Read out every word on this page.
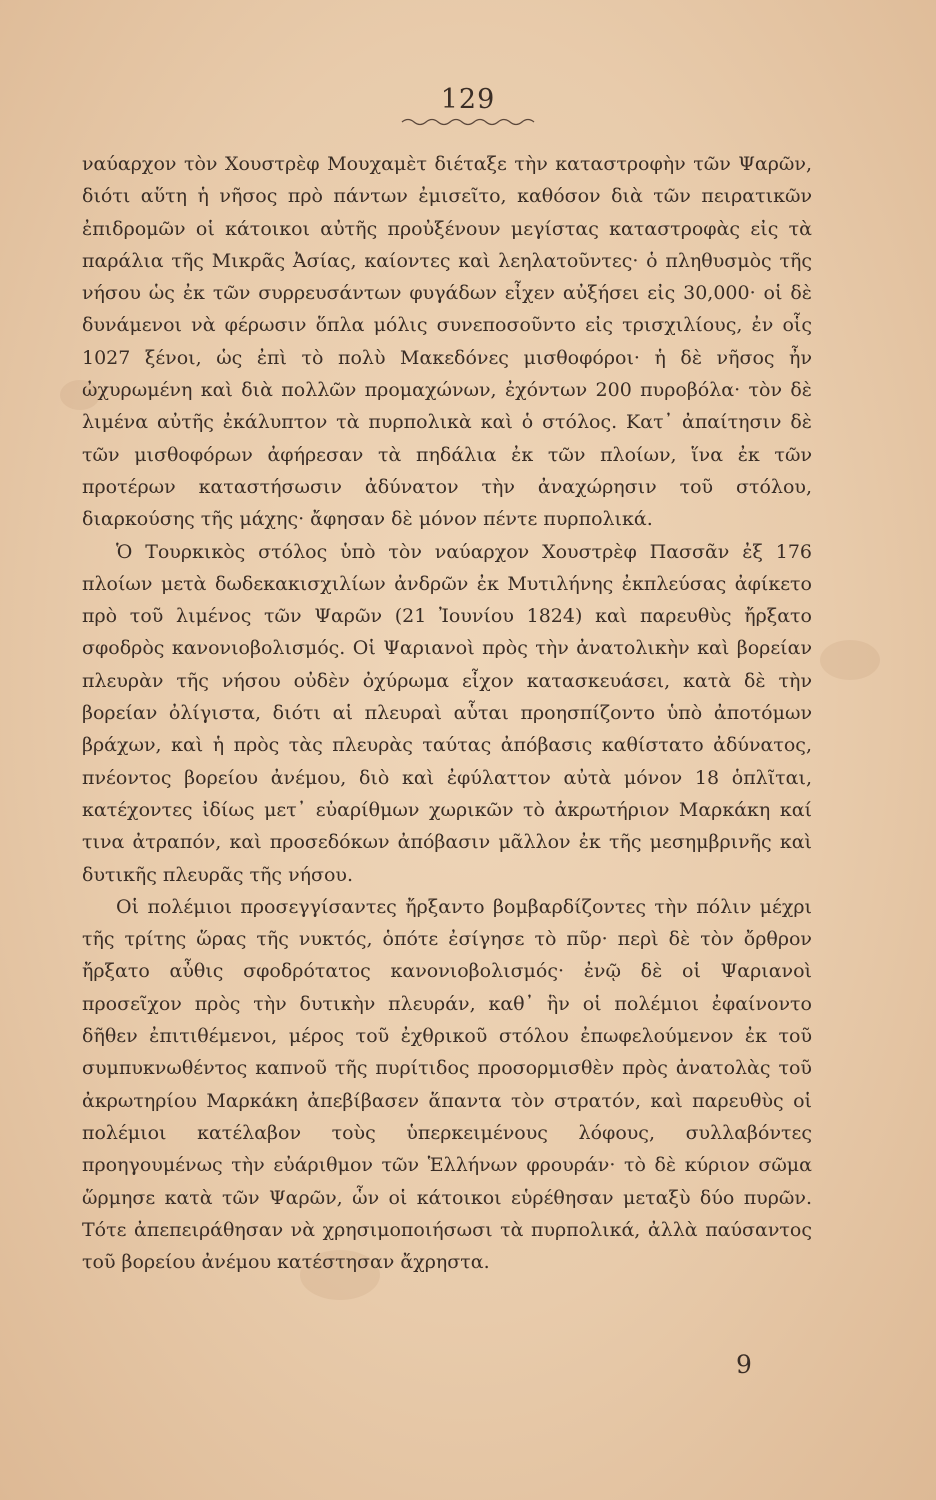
129

ναύαρχον τὸν Χουστρὲφ Μουχαμὲτ διέταξε τὴν καταστροφὴν τῶν Ψαρῶν, διότι αὕτη ἡ νῆσος πρὸ πάντων ἐμισεῖτο, καθόσον διὰ τῶν πειρατικῶν ἐπιδρομῶν οἱ κάτοικοι αὐτῆς προὐξένουν μεγίστας καταστροφὰς εἰς τὰ παράλια τῆς Μικρᾶς Ἀσίας, καίοντες καὶ λεηλατοῦντες· ὁ πληθυσμὸς τῆς νήσου ὡς ἐκ τῶν συρρευσάντων φυγάδων εἶχεν αὐξήσει εἰς 30,000· οἱ δὲ δυνάμενοι νὰ φέρωσιν ὅπλα μόλις συνεποσοῦντο εἰς τρισχιλίους, ἐν οἷς 1027 ξένοι, ὡς ἐπὶ τὸ πολὺ Μακεδόνες μισθοφόροι· ἡ δὲ νῆσος ἦν ὠχυρωμένη καὶ διὰ πολλῶν προμαχώνων, ἐχόντων 200 πυροβόλα· τὸν δὲ λιμένα αὐτῆς ἐκάλυπτον τὰ πυρπολικὰ καὶ ὁ στόλος. Κατ᾽ ἀπαίτησιν δὲ τῶν μισθοφόρων ἀφήρεσαν τὰ πηδάλια ἐκ τῶν πλοίων, ἵνα ἐκ τῶν προτέρων καταστήσωσιν ἀδύνατον τὴν ἀναχώρησιν τοῦ στόλου, διαρκούσης τῆς μάχης· ἄφησαν δὲ μόνον πέντε πυρπολικά.

Ὁ Τουρκικὸς στόλος ὑπὸ τὸν ναύαρχον Χουστρὲφ Πασσᾶν ἐξ 176 πλοίων μετὰ δωδεκακισχιλίων ἀνδρῶν ἐκ Μυτιλήνης ἐκπλεύσας ἀφίκετο πρὸ τοῦ λιμένος τῶν Ψαρῶν (21 Ἰουνίου 1824) καὶ παρευθὺς ἤρξατο σφοδρὸς κανονιοβολισμός. Οἱ Ψαριανοὶ πρὸς τὴν ἀνατολικὴν καὶ βορείαν πλευρὰν τῆς νήσου οὐδὲν ὀχύρωμα εἶχον κατασκευάσει, κατὰ δὲ τὴν βορείαν ὀλίγιστα, διότι αἱ πλευραὶ αὗται προησπίζοντο ὑπὸ ἀποτόμων βράχων, καὶ ἡ πρὸς τὰς πλευρὰς ταύτας ἀπόβασις καθίστατο ἀδύνατος, πνέοντος βορείου ἀνέμου, διὸ καὶ ἐφύλαττον αὐτὰ μόνον 18 ὁπλῖται, κατέχοντες ἰδίως μετ᾽ εὐαρίθμων χωρικῶν τὸ ἀκρωτήριον Μαρκάκη καί τινα ἀτραπόν, καὶ προσεδόκων ἀπόβασιν μᾶλλον ἐκ τῆς μεσημβρινῆς καὶ δυτικῆς πλευρᾶς τῆς νήσου.

Οἱ πολέμιοι προσεγγίσαντες ἤρξαντο βομβαρδίζοντες τὴν πόλιν μέχρι τῆς τρίτης ὥρας τῆς νυκτός, ὁπότε ἐσίγησε τὸ πῦρ· περὶ δὲ τὸν ὄρθρον ἤρξατο αὖθις σφοδρότατος κανονιοβολισμός· ἐνῷ δὲ οἱ Ψαριανοὶ προσεῖχον πρὸς τὴν δυτικὴν πλευράν, καθ᾽ ἣν οἱ πολέμιοι ἐφαίνοντο δῆθεν ἐπιτιθέμενοι, μέρος τοῦ ἐχθρικοῦ στόλου ἐπωφελούμενον ἐκ τοῦ συμπυκνωθέντος καπνοῦ τῆς πυρίτιδος προσορμισθὲν πρὸς ἀνατολὰς τοῦ ἀκρωτηρίου Μαρκάκη ἀπεβίβασεν ἅπαντα τὸν στρατόν, καὶ παρευθὺς οἱ πολέμιοι κατέλαβον τοὺς ὑπερκειμένους λόφους, συλλαβόντες προηγουμένως τὴν εὐάριθμον τῶν Ἑλλήνων φρουράν· τὸ δὲ κύριον σῶμα ὥρμησε κατὰ τῶν Ψαρῶν, ὧν οἱ κάτοικοι εὑρέθησαν μεταξὺ δύο πυρῶν. Τότε ἀπεπειράθησαν νὰ χρησιμοποιήσωσι τὰ πυρπολικά, ἀλλὰ παύσαντος τοῦ βορείου ἀνέμου κατέστησαν ἄχρηστα.

9
